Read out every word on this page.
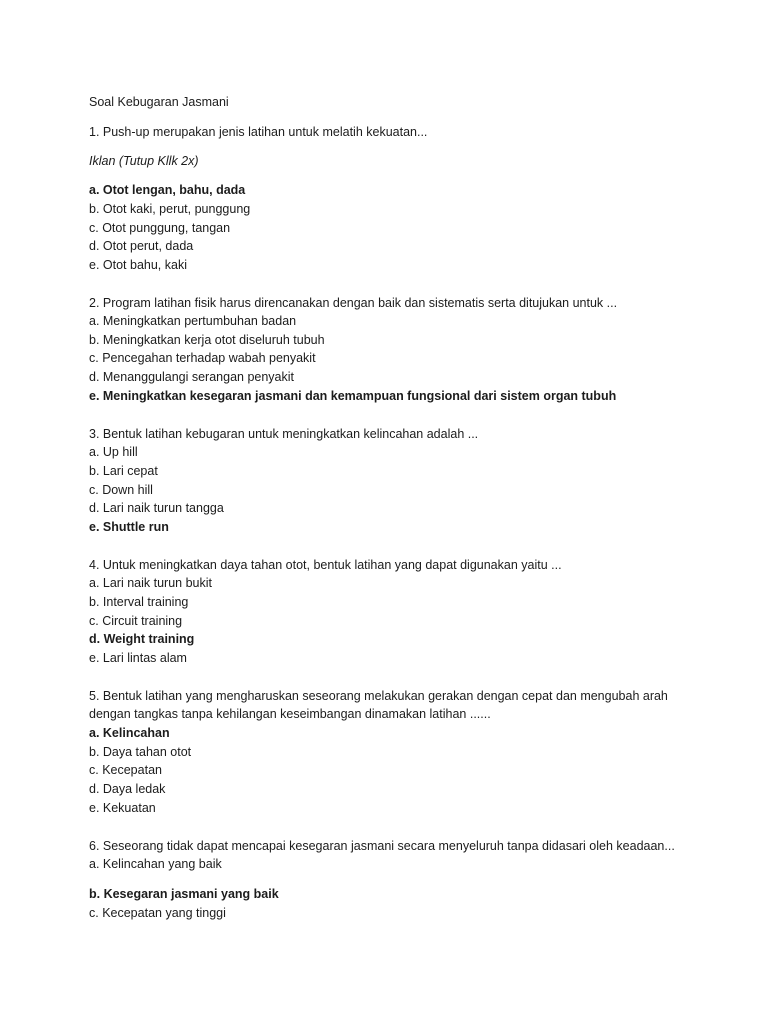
Soal Kebugaran Jasmani
1. Push-up merupakan jenis latihan untuk melatih kekuatan...
Iklan (Tutup Kllk 2x)
a. Otot lengan, bahu, dada
b. Otot kaki, perut, punggung
c. Otot punggung, tangan
d. Otot perut, dada
e. Otot bahu, kaki
2. Program latihan fisik harus direncanakan dengan baik dan sistematis serta ditujukan untuk ...
a. Meningkatkan pertumbuhan badan
b. Meningkatkan kerja otot diseluruh tubuh
c. Pencegahan terhadap wabah penyakit
d. Menanggulangi serangan penyakit
e. Meningkatkan kesegaran jasmani dan kemampuan fungsional dari sistem organ tubuh
3. Bentuk latihan kebugaran untuk meningkatkan kelincahan adalah ...
a. Up hill
b. Lari cepat
c. Down hill
d. Lari naik turun tangga
e. Shuttle run
4. Untuk meningkatkan daya tahan otot, bentuk latihan yang dapat digunakan yaitu ...
a. Lari naik turun bukit
b. Interval training
c. Circuit training
d. Weight training
e. Lari lintas alam
5. Bentuk latihan yang mengharuskan seseorang melakukan gerakan dengan cepat dan mengubah arah
dengan tangkas tanpa kehilangan keseimbangan dinamakan latihan ......
a. Kelincahan
b. Daya tahan otot
c. Kecepatan
d. Daya ledak
e. Kekuatan
6. Seseorang tidak dapat mencapai kesegaran jasmani secara menyeluruh tanpa didasari oleh keadaan...
a. Kelincahan yang baik
b. Kesegaran jasmani yang baik
c. Kecepatan yang tinggi
